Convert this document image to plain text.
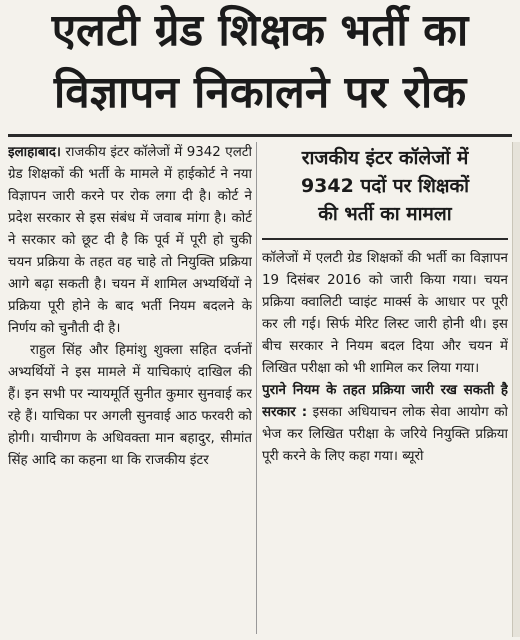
एलटी ग्रेड शिक्षक भर्ती का
विज्ञापन निकालने पर रोक

इलाहाबाद। राजकीय इंटर कॉलेजों में 9342 एलटी ग्रेड शिक्षकों की भर्ती के मामले में हाईकोर्ट ने नया विज्ञापन जारी करने पर रोक लगा दी है। कोर्ट ने प्रदेश सरकार से इस संबंध में जवाब मांगा है। कोर्ट ने सरकार को छूट दी है कि पूर्व में पूरी हो चुकी चयन प्रक्रिया के तहत वह चाहे तो नियुक्ति प्रक्रिया आगे बढ़ा सकती है। चयन में शामिल अभ्यर्थियों ने प्रक्रिया पूरी होने के बाद भर्ती नियम बदलने के निर्णय को चुनौती दी है।

राहुल सिंह और हिमांशु शुक्ला सहित दर्जनों अभ्यर्थियों ने इस मामले में याचिकाएं दाखिल की हैं। इन सभी पर न्यायमूर्ति सुनीत कुमार सुनवाई कर रहे हैं। याचिका पर अगली सुनवाई आठ फरवरी को होगी। याचीगण के अधिवक्ता मान बहादुर, सीमांत सिंह आदि का कहना था कि राजकीय इंटर

राजकीय इंटर कॉलेजों में
9342 पदों पर शिक्षकों
की भर्ती का मामला

कॉलेजों में एलटी ग्रेड शिक्षकों की भर्ती का विज्ञापन 19 दिसंबर 2016 को जारी किया गया। चयन प्रक्रिया क्वालिटी प्वाइंट मार्क्स के आधार पर पूरी कर ली गई। सिर्फ मेरिट लिस्ट जारी होनी थी। इस बीच सरकार ने नियम बदल दिया और चयन में लिखित परीक्षा को भी शामिल कर लिया गया।

पुराने नियम के तहत प्रक्रिया जारी रख सकती है सरकार : इसका अधियाचन लोक सेवा आयोग को भेज कर लिखित परीक्षा के जरिये नियुक्ति प्रक्रिया पूरी करने के लिए कहा गया। ब्यूरो
